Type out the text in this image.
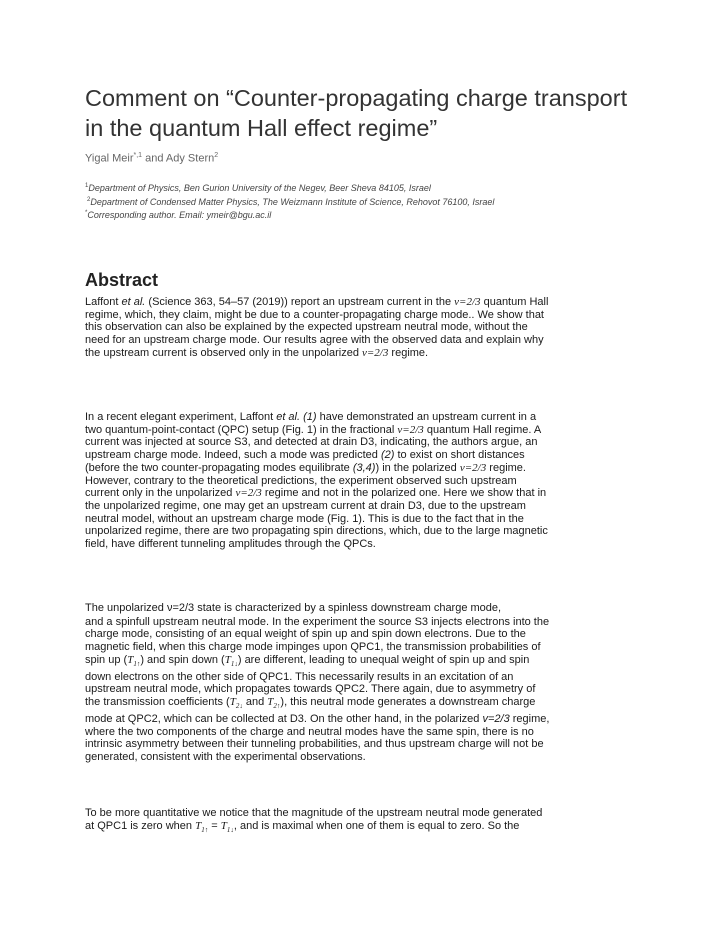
Comment on “Counter-propagating charge transport
in the quantum Hall effect regime”
Yigal Meir$^{*,1}$ and Ady Stern$^2$
$^1$Department of Physics, Ben Gurion University of the Negev, Beer Sheva 84105, Israel
$^2$Department of Condensed Matter Physics, The Weizmann Institute of Science, Rehovot 76100, Israel
*Corresponding author. Email: ymeir@bgu.ac.il
Abstract

Laffont et al. (Science 363, 54–57 (2019)) report an upstream current in the ν=2/3 quantum Hall
regime, which, they claim, might be due to a counter-propagating charge mode.. We show that
this observation can also be explained by the expected upstream neutral mode, without the
need for an upstream charge mode. Our results agree with the observed data and explain why
the upstream current is observed only in the unpolarized ν=2/3 regime.

In a recent elegant experiment, Laffont et al. (1) have demonstrated an upstream current in a
two quantum-point-contact (QPC) setup (Fig. 1) in the fractional ν=2/3 quantum Hall regime. A
current was injected at source S3, and detected at drain D3, indicating, the authors argue, an
upstream charge mode. Indeed, such a mode was predicted (2) to exist on short distances
(before the two counter-propagating modes equilibrate (3,4)) in the polarized ν=2/3 regime.
However, contrary to the theoretical predictions, the experiment observed such upstream
current only in the unpolarized ν=2/3 regime and not in the polarized one. Here we show that in
the unpolarized regime, one may get an upstream current at drain D3, due to the upstream
neutral model, without an upstream charge mode (Fig. 1). This is due to the fact that in the
unpolarized regime, there are two propagating spin directions, which, due to the large magnetic
field, have different tunneling amplitudes through the QPCs.

The unpolarized ν=2/3 state is characterized by a spinless downstream charge mode,
and a spinfull upstream neutral mode. In the experiment the source S3 injects electrons into the
charge mode, consisting of an equal weight of spin up and spin down electrons. Due to the
magnetic field, when this charge mode impinges upon QPC1, the transmission probabilities of
spin up $(T_{1↑})$ and spin down $(T_{1↓})$ are different, leading to unequal weight of spin up and spin
down electrons on the other side of QPC1. This necessarily results in an excitation of an
upstream neutral mode, which propagates towards QPC2. There again, due to asymmetry of
the transmission coefficients ($T_{2↓}$ and $T_{2↑}$), this neutral mode generates a downstream charge
mode at QPC2, which can be collected at D3. On the other hand, in the polarized v=2/3 regime,
where the two components of the charge and neutral modes have the same spin, there is no
intrinsic asymmetry between their tunneling probabilities, and thus upstream charge will not be
generated, consistent with the experimental observations.

To be more quantitative we notice that the magnitude of the upstream neutral mode generated
at QPC1 is zero when $T_{1↑} = T_{1↓}$, and is maximal when one of them is equal to zero. So the
